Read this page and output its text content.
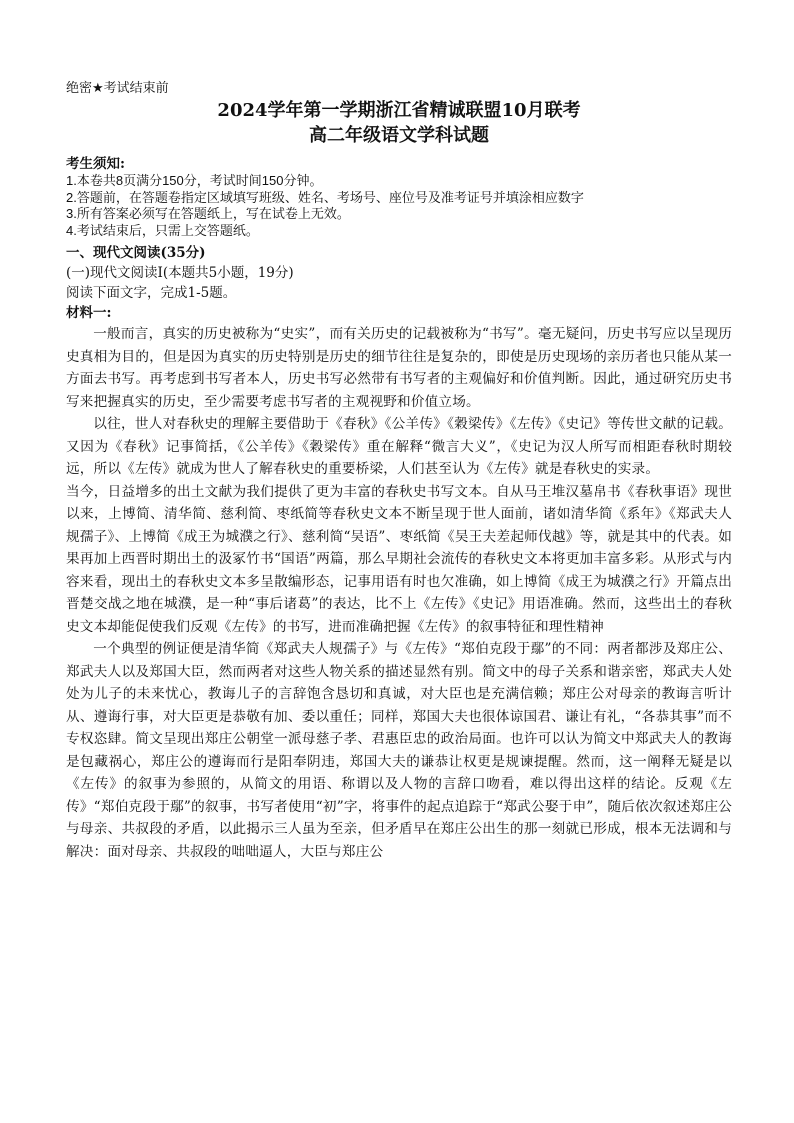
绝密★考试结束前
2024学年第一学期浙江省精诚联盟10月联考
高二年级语文学科试题
考生须知:
1.本卷共8页满分150分，考试时间150分钟。
2.答题前，在答题卷指定区域填写班级、姓名、考场号、座位号及准考证号并填涂相应数字
3.所有答案必须写在答题纸上，写在试卷上无效。
4.考试结束后，只需上交答题纸。
一、现代文阅读(35分)
(一)现代文阅读I(本题共5小题，19分)
阅读下面文字，完成1-5题。
材料一:
一般而言，真实的历史被称为“史实”，而有关历史的记载被称为“书写”。毫无疑问，历史书写应以呈现历史真相为目的，但是因为真实的历史特别是历史的细节往往是复杂的，即使是历史现场的亲历者也只能从某一方面去书写。再考虑到书写者本人，历史书写必然带有书写者的主观偏好和价值判断。因此，通过研究历史书写来把握真实的历史，至少需要考虑书写者的主观视野和价值立场。
以往，世人对春秋史的理解主要借助于《春秋》《公羊传》《穀梁传》《左传》《史记》等传世文献的记载。又因为《春秋》记事简括，《公羊传》《穀梁传》重在解释“微言大义”，《史记为汉人所写而相距春秋时期较远，所以《左传》就成为世人了解春秋史的重要桥梁，人们甚至认为《左传》就是春秋史的实录。
当今，日益增多的出土文献为我们提供了更为丰富的春秋史书写文本。自从马王堆汉墓帛书《春秋事语》现世以来，上博简、清华简、慈利简、枣纸简等春秋史文本不断呈现于世人面前，诸如清华简《系年》《郑武夫人规孺子》、上博简《成王为城濮之行》、慈利简“吴语”、枣纸简《吴王夫差起师伐越》等，就是其中的代表。如果再加上西晋时期出土的汲冢竹书“国语”两篇，那么早期社会流传的春秋史文本将更加丰富多彩。从形式与内容来看，现出土的春秋史文本多呈散编形态，记事用语有时也欠准确，如上博简《成王为城濮之行》开篇点出晋楚交战之地在城濮，是一种“事后诸葛”的表达，比不上《左传》《史记》用语准确。然而，这些出土的春秋史文本却能促使我们反观《左传》的书写，进而准确把握《左传》的叙事特征和理性精神
一个典型的例证便是清华简《郑武夫人规孺子》与《左传》“郑伯克段于鄢”的不同：两者都涉及郑庄公、郑武夫人以及郑国大臣，然而两者对这些人物关系的描述显然有别。简文中的母子关系和谐亲密，郑武夫人处处为儿子的未来忧心，教诲儿子的言辞饱含恳切和真诚，对大臣也是充满信赖；郑庄公对母亲的教诲言听计从、遵诲行事，对大臣更是恭敬有加、委以重任；同样，郑国大夫也很体谅国君、谦让有礼，“各恭其事”而不专权恣肆。简文呈现出郑庄公朝堂一派母慈子孝、君惠臣忠的政治局面。也许可以认为简文中郑武夫人的教诲是包藏祸心，郑庄公的遵诲而行是阳奉阴违，郑国大夫的谦恭让权更是规谏提醒。然而，这一阐释无疑是以《左传》的叙事为参照的，从简文的用语、称谓以及人物的言辞口吻看，难以得出这样的结论。反观《左传》“郑伯克段于鄢”的叙事，书写者使用“初”字，将事件的起点追踪于“郑武公娶于申”，随后依次叙述郑庄公与母亲、共叔段的矛盾，以此揭示三人虽为至亲，但矛盾早在郑庄公出生的那一刻就已形成，根本无法调和与解决：面对母亲、共叔段的咄咄逼人，大臣与郑庄公
